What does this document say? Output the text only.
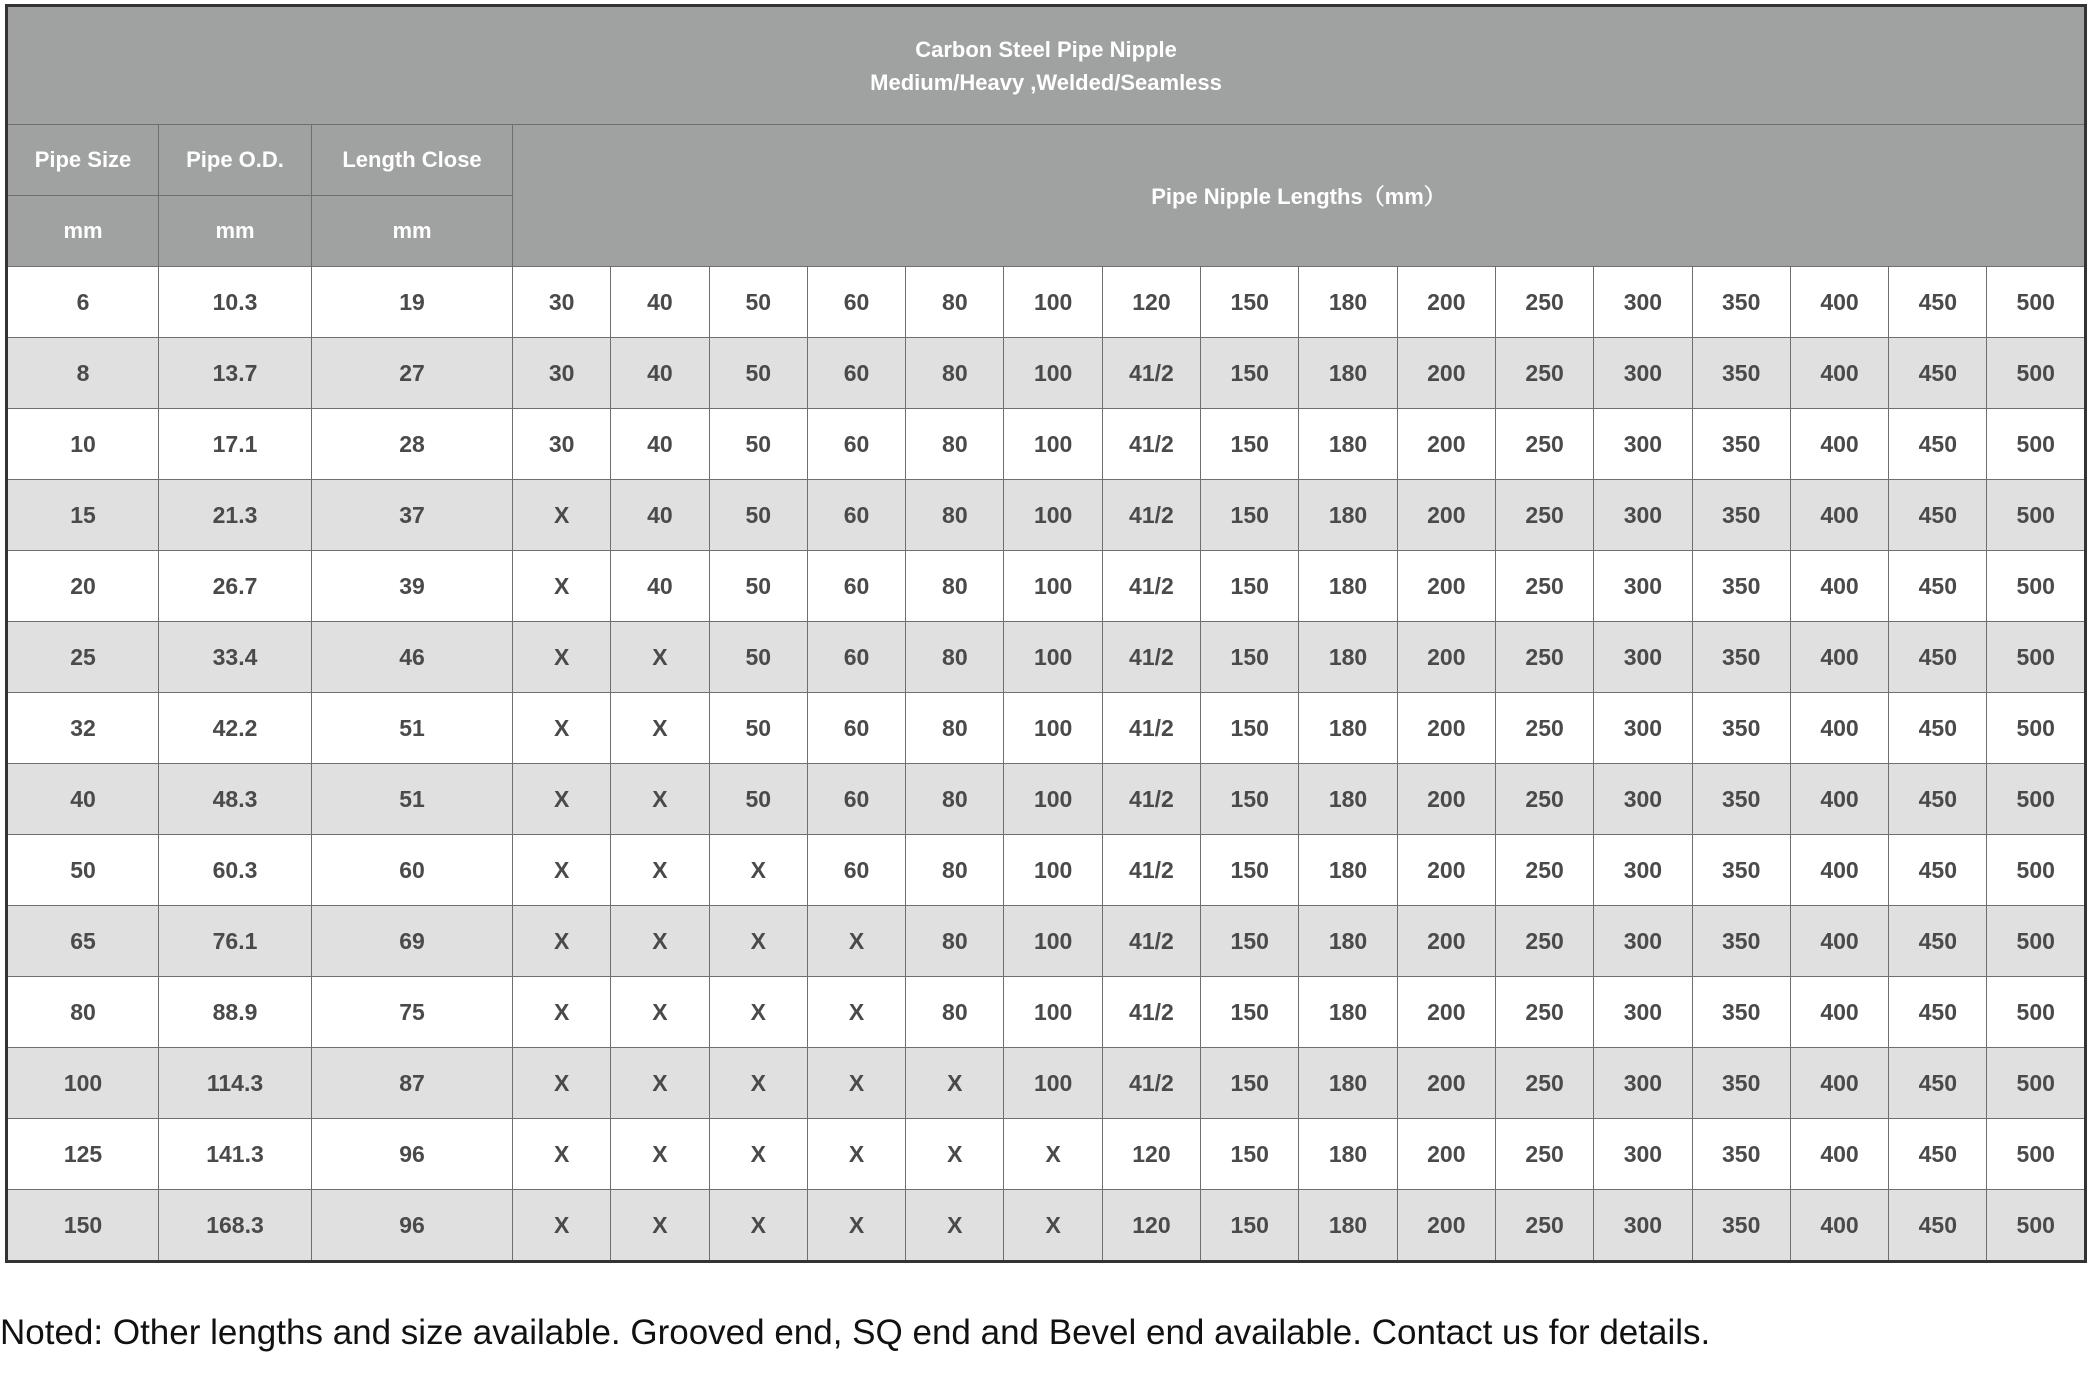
Carbon Steel Pipe Nipple
Medium/Heavy ,Welded/Seamless																		

Pipe Size	Pipe O.D.	Length Close	Pipe Nipple Lengths（mm）															
mm	mm	mm																
6	10.3	19	30	40	50	60	80	100	120	150	180	200	250	300	350	400	450	500
8	13.7	27	30	40	50	60	80	100	41/2	150	180	200	250	300	350	400	450	500
10	17.1	28	30	40	50	60	80	100	41/2	150	180	200	250	300	350	400	450	500
15	21.3	37	X	40	50	60	80	100	41/2	150	180	200	250	300	350	400	450	500
20	26.7	39	X	40	50	60	80	100	41/2	150	180	200	250	300	350	400	450	500
25	33.4	46	X	X	50	60	80	100	41/2	150	180	200	250	300	350	400	450	500
32	42.2	51	X	X	50	60	80	100	41/2	150	180	200	250	300	350	400	450	500
40	48.3	51	X	X	50	60	80	100	41/2	150	180	200	250	300	350	400	450	500
50	60.3	60	X	X	X	60	80	100	41/2	150	180	200	250	300	350	400	450	500
65	76.1	69	X	X	X	X	80	100	41/2	150	180	200	250	300	350	400	450	500
80	88.9	75	X	X	X	X	80	100	41/2	150	180	200	250	300	350	400	450	500
100	114.3	87	X	X	X	X	X	100	41/2	150	180	200	250	300	350	400	450	500
125	141.3	96	X	X	X	X	X	X	120	150	180	200	250	300	350	400	450	500
150	168.3	96	X	X	X	X	X	X	120	150	180	200	250	300	350	400	450	500
Noted: Other lengths and size available. Grooved end, SQ end and Bevel end available. Contact us for details.
